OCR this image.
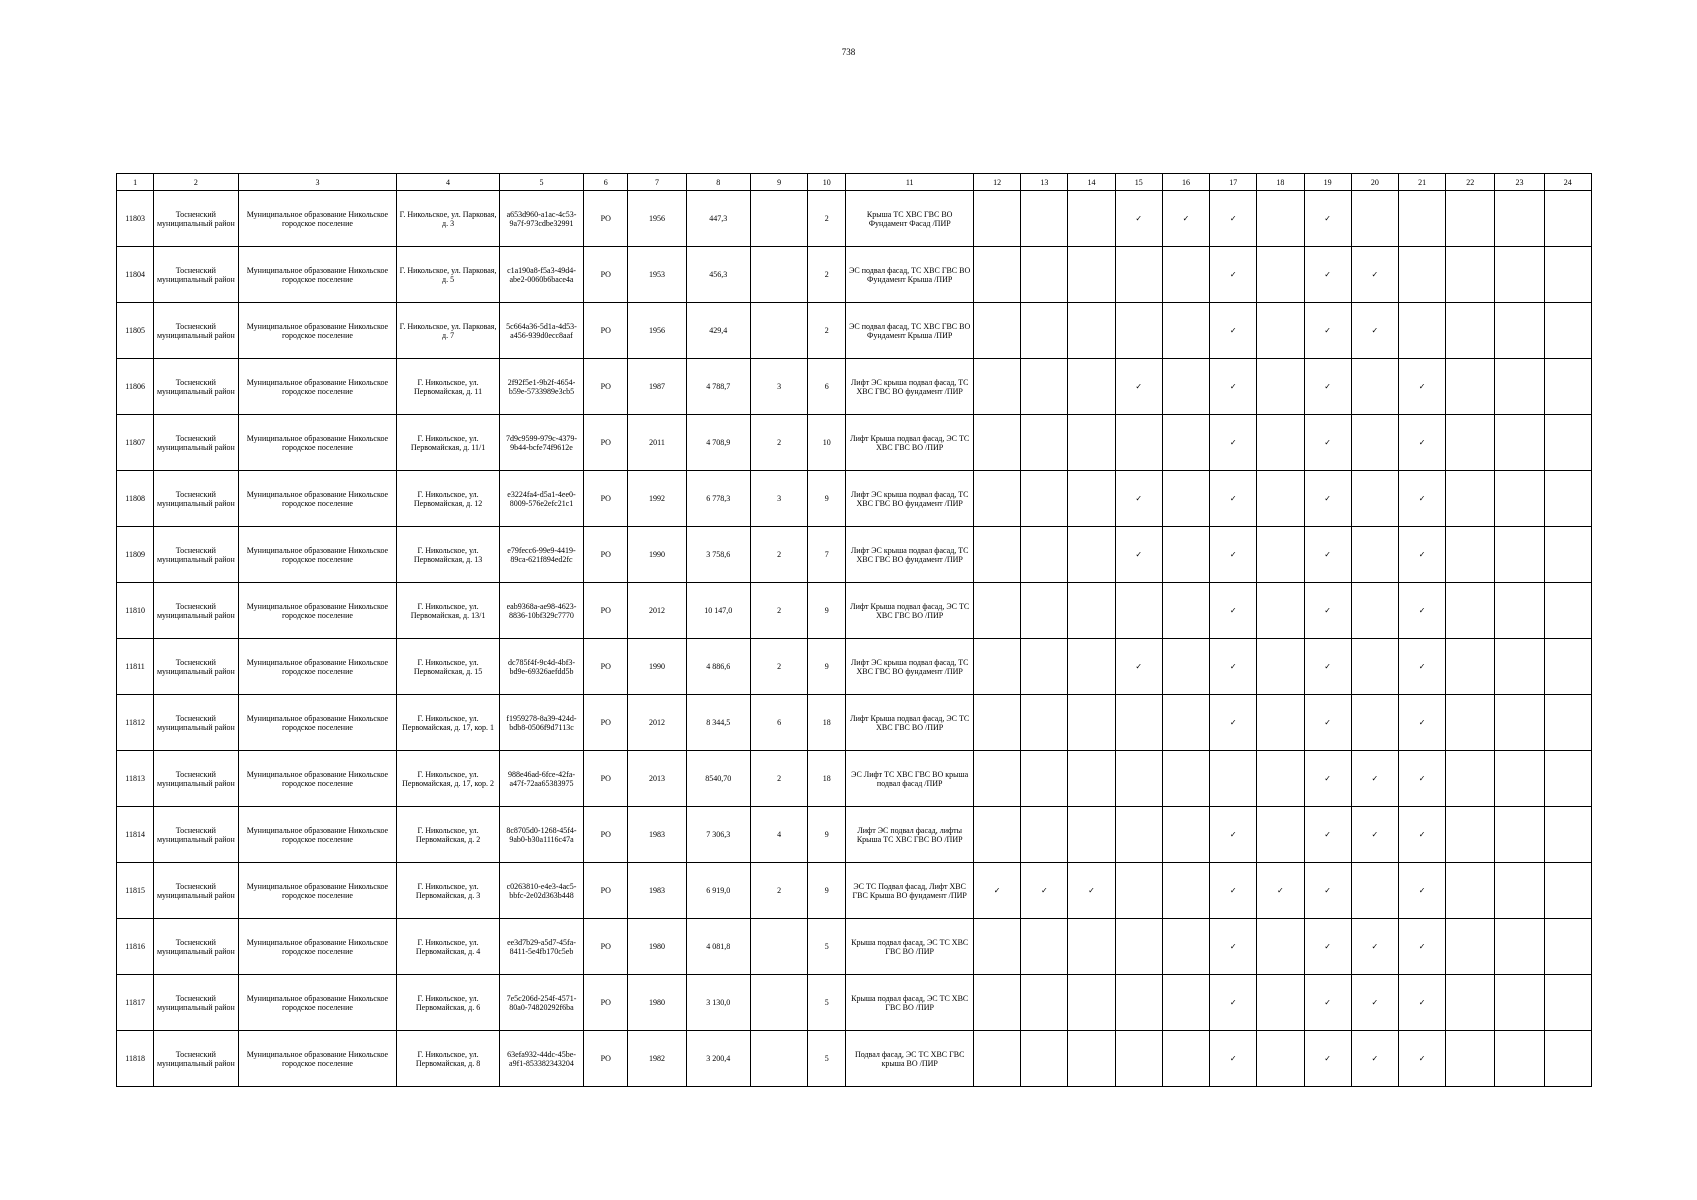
738
1	2	3	4	5	6	7	8	9	10	11	12	13	14	15	16	17	18	19	20	21	22	23	24
11803	Тосненский муниципальный район	Муниципальное образование Никольское городское поселение	Г. Никольское, ул. Парковая, д. 3	a653d960-a1ac-4c53-9a7f-973cdbe32991	РО	1956	447,3		2	Крыша ТС ХВС ГВС ВО Фундамент Фасад /ПИР				✓	✓	✓		✓					
11804	Тосненский муниципальный район	Муниципальное образование Никольское городское поселение	Г. Никольское, ул. Парковая, д. 5	c1a190a8-f5a3-49d4-abe2-0060b6bace4a	РО	1953	456,3		2	ЭС подвал фасад, ТС ХВС ГВС ВО Фундамент Крыша /ПИР						✓		✓	✓				
11805	Тосненский муниципальный район	Муниципальное образование Никольское городское поселение	Г. Никольское, ул. Парковая, д. 7	5c664a36-5d1a-4d53-a456-939d0ecc8aaf	РО	1956	429,4		2	ЭС подвал фасад, ТС ХВС ГВС ВО Фундамент Крыша /ПИР						✓		✓	✓				
11806	Тосненский муниципальный район	Муниципальное образование Никольское городское поселение	Г. Никольское, ул. Первомайская, д. 11	2f92f5e1-9b2f-4654-b59e-5733989e3cb5	РО	1987	4 788,7	3	6	Лифт ЭС крыша подвал фасад, ТС ХВС ГВС ВО фундамент /ПИР				✓		✓		✓		✓			
11807	Тосненский муниципальный район	Муниципальное образование Никольское городское поселение	Г. Никольское, ул. Первомайская, д. 11/1	7d9c9599-979c-4379-9b44-bcfe74f9612e	РО	2011	4 708,9	2	10	Лифт Крыша подвал фасад, ЭС ТС ХВС ГВС ВО /ПИР						✓		✓		✓			
11808	Тосненский муниципальный район	Муниципальное образование Никольское городское поселение	Г. Никольское, ул. Первомайская, д. 12	e3224fa4-d5a1-4ee0-8009-576e2efc21c1	РО	1992	6 778,3	3	9	Лифт ЭС крыша подвал фасад, ТС ХВС ГВС ВО фундамент /ПИР				✓		✓		✓		✓			
11809	Тосненский муниципальный район	Муниципальное образование Никольское городское поселение	Г. Никольское, ул. Первомайская, д. 13	e79fecc6-99e9-4419-89ca-621f894ed2fc	РО	1990	3 758,6	2	7	Лифт ЭС крыша подвал фасад, ТС ХВС ГВС ВО фундамент /ПИР				✓		✓		✓		✓			
11810	Тосненский муниципальный район	Муниципальное образование Никольское городское поселение	Г. Никольское, ул. Первомайская, д. 13/1	eab9368a-ae98-4623-8836-10bf329c7770	РО	2012	10 147,0	2	9	Лифт Крыша подвал фасад, ЭС ТС ХВС ГВС ВО /ПИР						✓		✓		✓			
11811	Тосненский муниципальный район	Муниципальное образование Никольское городское поселение	Г. Никольское, ул. Первомайская, д. 15	dc785f4f-9c4d-4bf3-bd9e-69326aefdd5b	РО	1990	4 886,6	2	9	Лифт ЭС крыша подвал фасад, ТС ХВС ГВС ВО фундамент /ПИР				✓		✓		✓		✓			
11812	Тосненский муниципальный район	Муниципальное образование Никольское городское поселение	Г. Никольское, ул. Первомайская, д. 17, кор. 1	f1959278-8a39-424d-bdb8-0506f9d7113c	РО	2012	8 344,5	6	18	Лифт Крыша подвал фасад, ЭС ТС ХВС ГВС ВО /ПИР						✓		✓		✓			
11813	Тосненский муниципальный район	Муниципальное образование Никольское городское поселение	Г. Никольское, ул. Первомайская, д. 17, кор. 2	988e46ad-6fce-42fa-a47f-72aa65383975	РО	2013	8540,70	2	18	ЭС Лифт ТС ХВС ГВС ВО крыша подвал фасад /ПИР								✓	✓	✓			
11814	Тосненский муниципальный район	Муниципальное образование Никольское городское поселение	Г. Никольское, ул. Первомайская, д. 2	8c8705d0-1268-45f4-9ab0-b30a1116c47a	РО	1983	7 306,3	4	9	Лифт ЭС подвал фасад, лифты Крыша ТС ХВС ГВС ВО /ПИР						✓		✓	✓	✓			
11815	Тосненский муниципальный район	Муниципальное образование Никольское городское поселение	Г. Никольское, ул. Первомайская, д. 3	c0263810-e4e3-4ac5-bbfc-2e02d363b448	РО	1983	6 919,0	2	9	ЭС ТС Подвал фасад, Лифт ХВС ГВС Крыша ВО фундамент /ПИР	✓	✓	✓			✓	✓	✓		✓			
11816	Тосненский муниципальный район	Муниципальное образование Никольское городское поселение	Г. Никольское, ул. Первомайская, д. 4	ee3d7b29-a5d7-45fa-8411-5e4fb170c5eb	РО	1980	4 081,8		5	Крыша подвал фасад, ЭС ТС ХВС ГВС ВО /ПИР						✓		✓	✓	✓			
11817	Тосненский муниципальный район	Муниципальное образование Никольское городское поселение	Г. Никольское, ул. Первомайская, д. 6	7e5c206d-254f-4571-80a0-74820292f6ba	РО	1980	3 130,0		5	Крыша подвал фасад, ЭС ТС ХВС ГВС ВО /ПИР						✓		✓	✓	✓			
11818	Тосненский муниципальный район	Муниципальное образование Никольское городское поселение	Г. Никольское, ул. Первомайская, д. 8	63efa932-44dc-45be-a9f1-853382343204	РО	1982	3 200,4		5	Подвал фасад, ЭС ТС ХВС ГВС крыша ВО /ПИР						✓		✓	✓	✓			
